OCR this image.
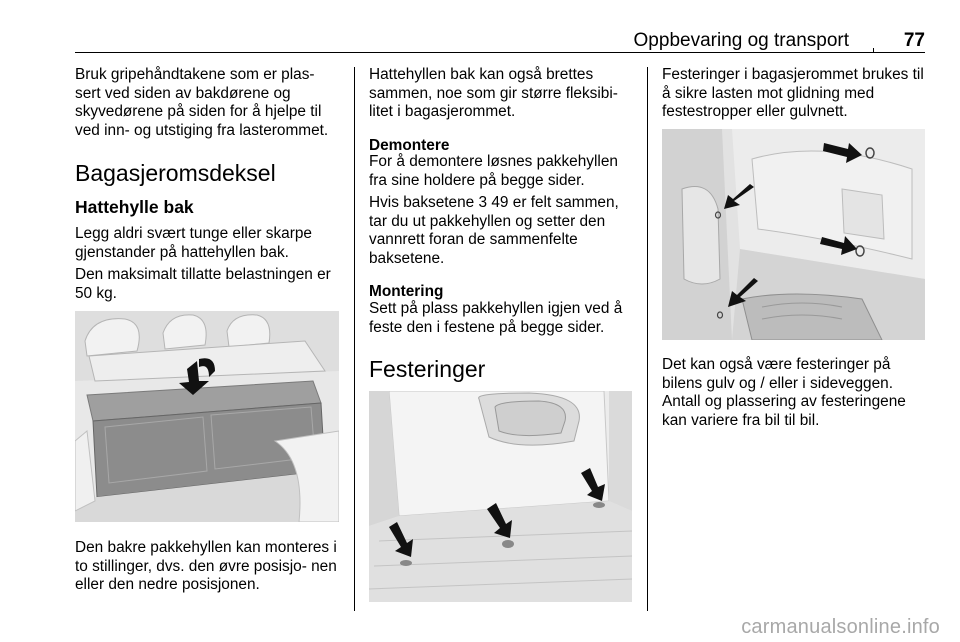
Oppbevaring og transport	77
Bruk gripehåndtakene som er plas- sert ved siden av bakdørene og skyvedørene på siden for å hjelpe til ved inn- og utstiging fra lasterommet.
Bagasjeromsdeksel
Hattehylle bak
Legg aldri svært tunge eller skarpe gjenstander på hattehyllen bak.
Den maksimalt tillatte belastningen er 50 kg.
Den bakre pakkehyllen kan monteres i to stillinger, dvs. den øvre posisjo- nen eller den nedre posisjonen.
Hattehyllen bak kan også brettes sammen, noe som gir større fleksibi- litet i bagasjerommet.
Demontere
For å demontere løsnes pakkehyllen fra sine holdere på begge sider.
Hvis baksetene 3 49 er felt sammen, tar du ut pakkehyllen og setter den vannrett foran de sammenfelte baksetene.
Montering
Sett på plass pakkehyllen igjen ved å feste den i festene på begge sider.
Festeringer
Festeringer i bagasjerommet brukes til å sikre lasten mot glidning med festestropper eller gulvnett.
Det kan også være festeringer på bilens gulv og / eller i sideveggen. Antall og plassering av festeringene kan variere fra bil til bil.
carmanualsonline.info
